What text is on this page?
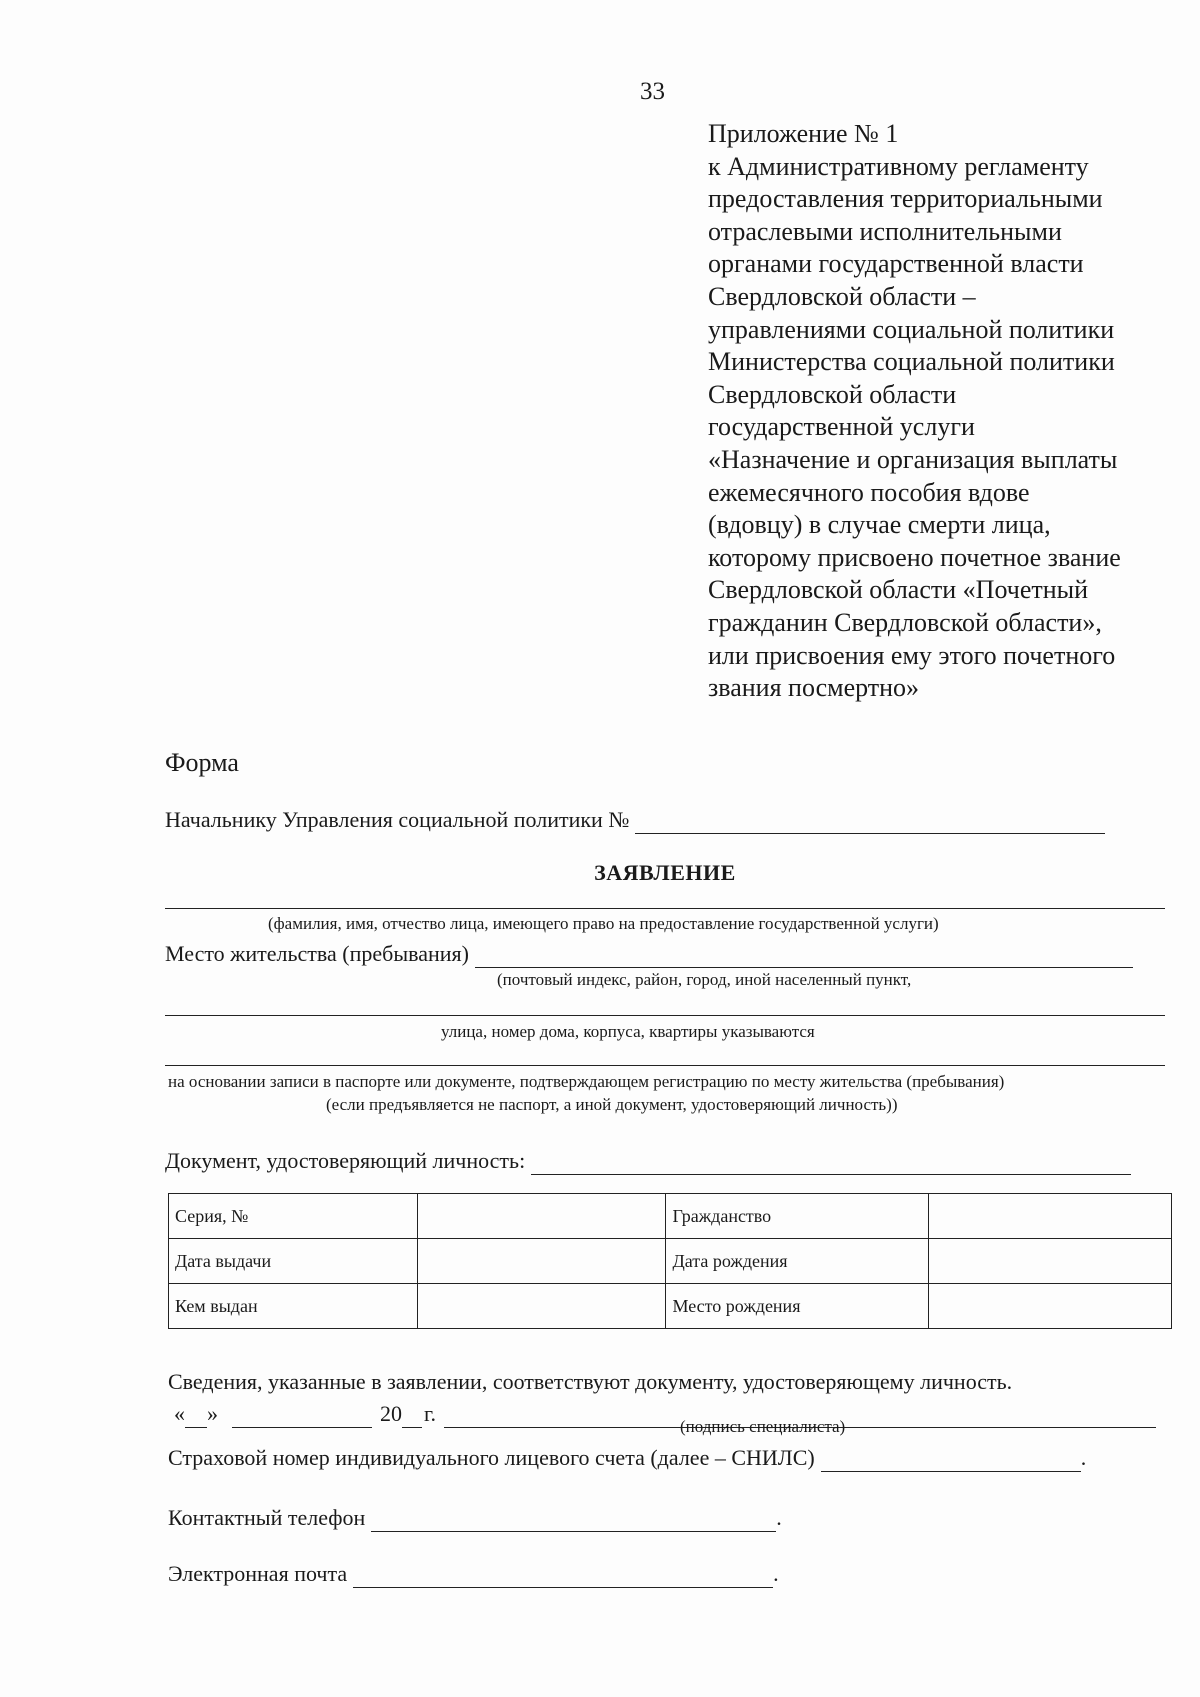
33
Приложение № 1
к Административному регламенту
предоставления территориальными
отраслевыми исполнительными
органами государственной власти
Свердловской области –
управлениями социальной политики
Министерства социальной политики
Свердловской области
государственной услуги
«Назначение и организация выплаты
ежемесячного пособия вдове
(вдовцу) в случае смерти лица,
которому присвоено почетное звание
Свердловской области «Почетный
гражданин Свердловской области»,
или присвоения ему этого почетного
звания посмертно»
Форма
Начальнику Управления социальной политики №
ЗАЯВЛЕНИЕ
(фамилия, имя, отчество лица, имеющего право на предоставление государственной услуги)
Место жительства (пребывания)
(почтовый индекс, район, город, иной населенный пункт,
улица, номер дома, корпуса, квартиры указываются
на основании записи в паспорте или документе, подтверждающем регистрацию по месту жительства (пребывания)
(если предъявляется не паспорт, а иной документ, удостоверяющий личность))
Документ, удостоверяющий личность:
Серия, №		Гражданство	
Дата выдачи		Дата рождения	
Кем выдан		Место рождения	
Сведения, указанные в заявлении, соответствуют документу, удостоверяющему личность.
« »	20 г.
(подпись специалиста)
Страховой номер индивидуального лицевого счета (далее – СНИЛС)	.
Контактный телефон	.
Электронная почта	.
